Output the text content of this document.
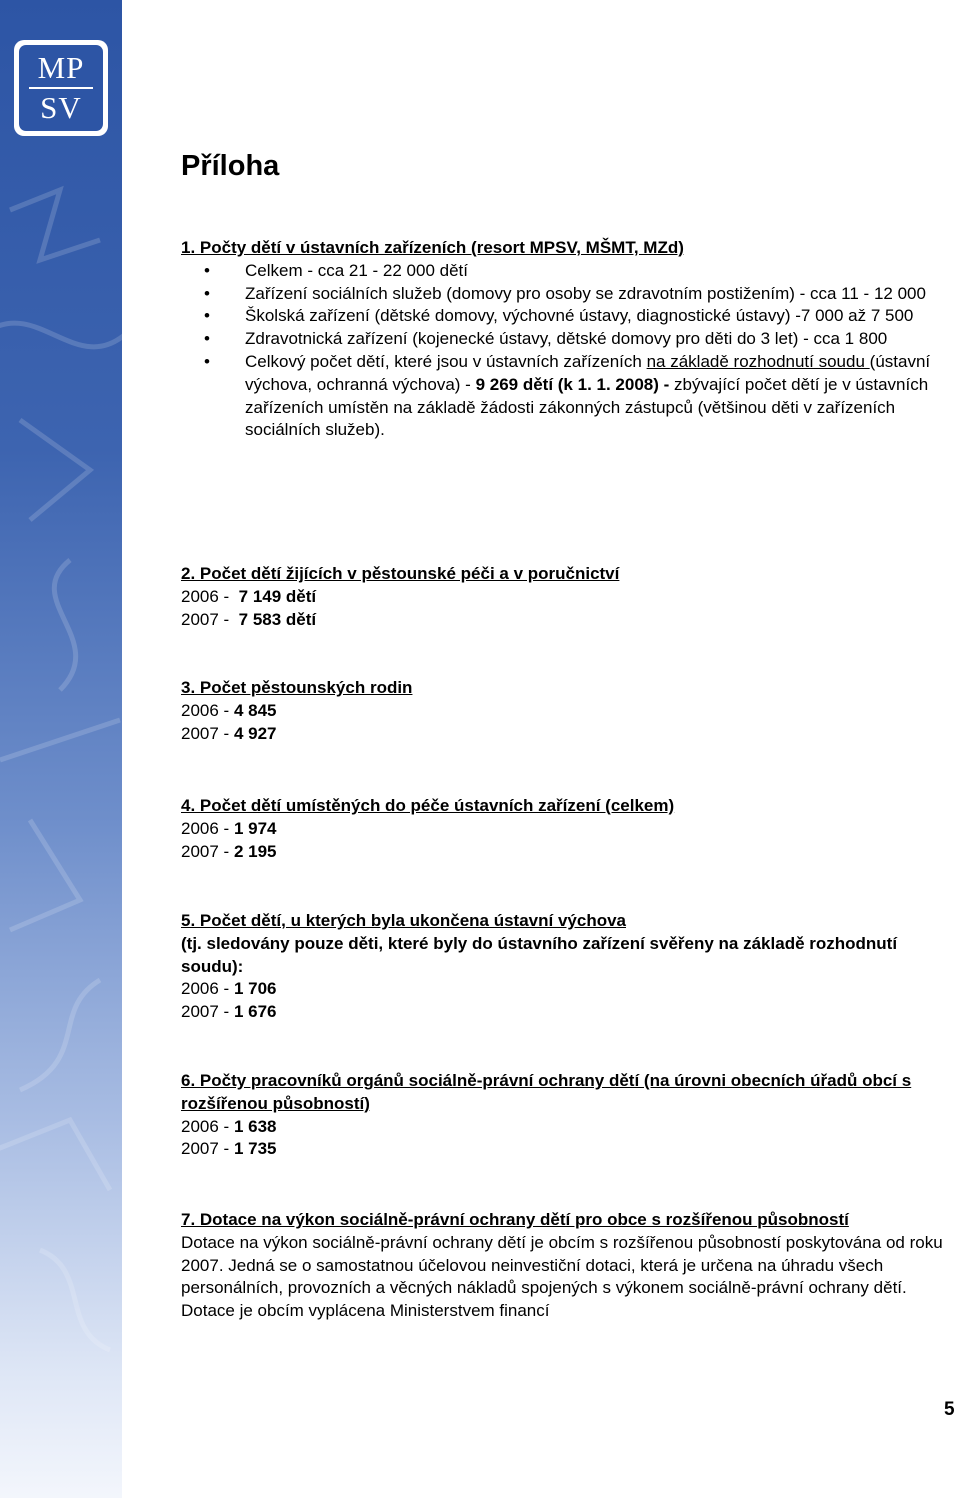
MP
SV
Příloha
1. Počty dětí v ústavních zařízeních (resort MPSV, MŠMT, MZd)
• Celkem - cca 21 - 22 000 dětí
• Zařízení sociálních služeb (domovy pro osoby se zdravotním postižením) - cca 11 - 12 000
• Školská zařízení (dětské domovy, výchovné ústavy, diagnostické ústavy) -7 000 až 7 500
• Zdravotnická zařízení (kojenecké ústavy, dětské domovy pro děti do 3 let) - cca 1 800
• Celkový počet dětí, které jsou v ústavních zařízeních na základě rozhodnutí soudu (ústavní výchova, ochranná výchova) - 9 269 dětí (k 1. 1. 2008) - zbývající počet dětí je v ústavních zařízeních umístěn na základě žádosti zákonných zástupců (většinou děti v zařízeních sociálních služeb).
2. Počet dětí žijících v pěstounské péči a v poručnictví
2006 -  7 149 dětí
2007 -  7 583 dětí
3. Počet pěstounských rodin
2006 - 4 845
2007 - 4 927
4. Počet dětí umístěných do péče ústavních zařízení (celkem)
2006 - 1 974
2007 - 2 195
5. Počet dětí, u kterých byla ukončena ústavní výchova
(tj. sledovány pouze děti, které byly do ústavního zařízení svěřeny na základě rozhodnutí soudu):
2006 - 1 706
2007 - 1 676
6. Počty pracovníků orgánů sociálně-právní ochrany dětí (na úrovni obecních úřadů obcí s rozšířenou působností)
2006 - 1 638
2007 - 1 735
7. Dotace na výkon sociálně-právní ochrany dětí pro obce s rozšířenou působností
Dotace na výkon sociálně-právní ochrany dětí je obcím s rozšířenou působností poskytována od roku 2007. Jedná se o samostatnou účelovou neinvestiční dotaci, která je určena na úhradu všech personálních, provozních a věcných nákladů spojených s výkonem sociálně-právní ochrany dětí. Dotace je obcím vyplácena Ministerstvem financí
5
